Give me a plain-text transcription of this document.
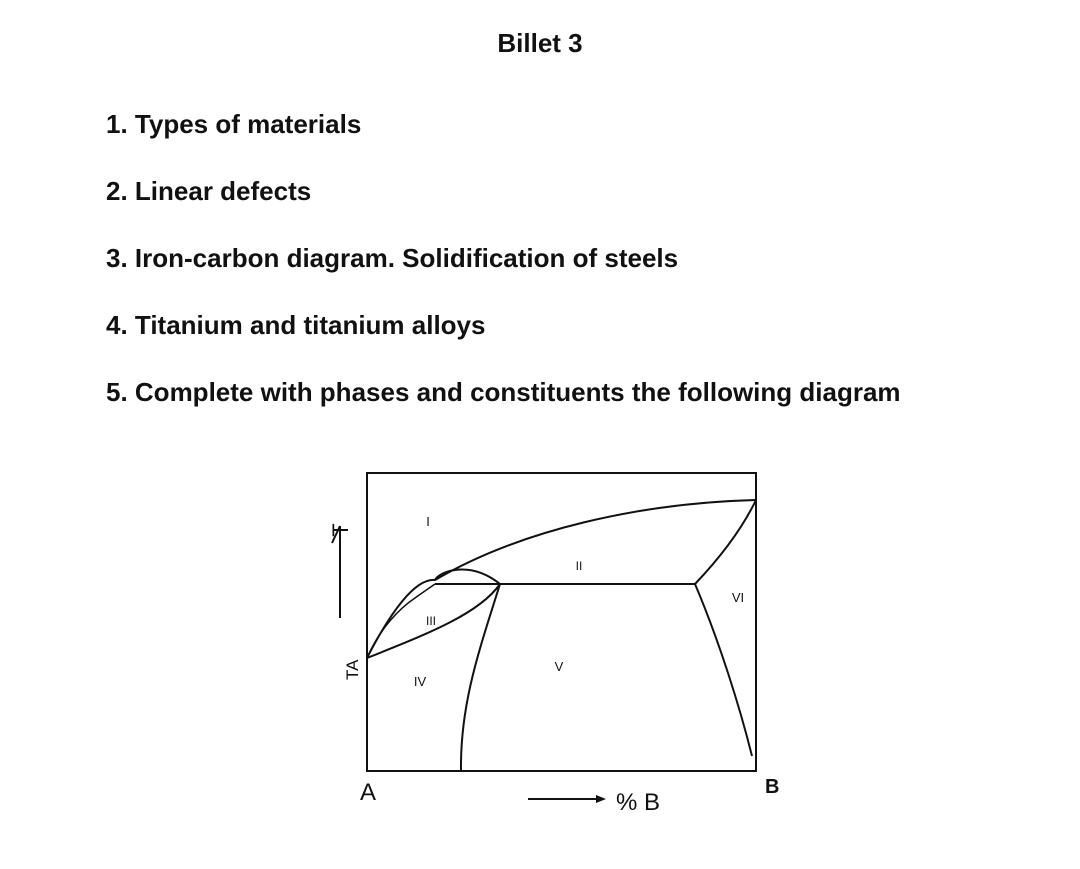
Billet 3
1. Types of materials
2. Linear defects
3. Iron-carbon diagram. Solidification of steels
4. Titanium and titanium alloys
5. Complete with phases and constituents the following diagram
I
II
III
IV
V
VI
T
TA
A	B
% B
